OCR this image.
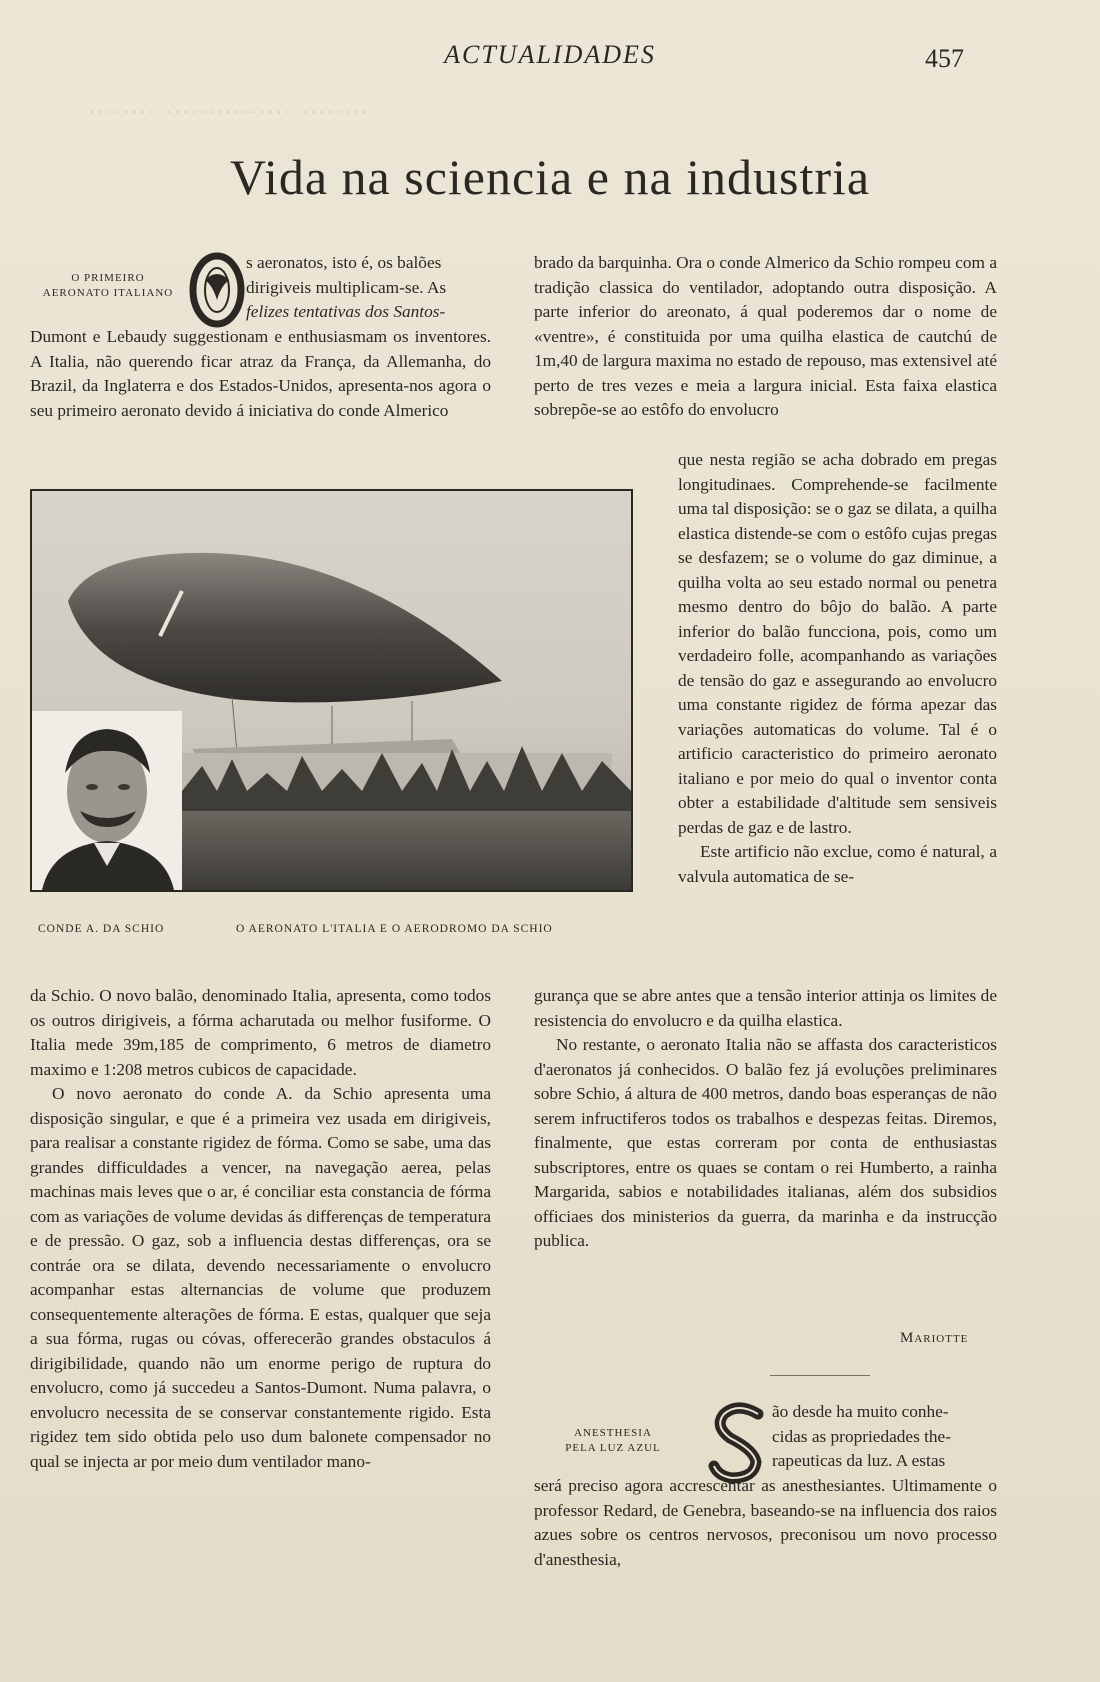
. . . . . . . . . . . . . . . . . . . . . . . . . . . . . . . . .
ACTUALIDADES	457
Vida na sciencia e na industria
O PRIMEIRO
AERONATO ITALIANO

s aeronatos, isto é, os balões

dirigiveis multiplicam-se. As

felizes tentativas dos Santos-

Dumont e Lebaudy suggestionam e enthusiasmam os inventores. A Italia, não querendo ficar atraz da França, da Allemanha, do Brazil, da Inglaterra e dos Estados-Unidos, apresenta-nos agora o seu primeiro aeronato devido á iniciativa do conde Almerico
CONDE A. DA SCHIO	O AERONATO L'ITALIA E O AERODROMO DA SCHIO

da Schio. O novo balão, denominado Italia, apresenta, como todos os outros dirigiveis, a fórma acharutada ou melhor fusiforme. O Italia mede 39m,185 de comprimento, 6 metros de diametro maximo e 1:208 metros cubicos de capacidade.

O novo aeronato do conde A. da Schio apresenta uma disposição singular, e que é a primeira vez usada em dirigiveis, para realisar a constante rigidez de fórma. Como se sabe, uma das grandes difficuldades a vencer, na navegação aerea, pelas machinas mais leves que o ar, é conciliar esta constancia de fórma com as variações de volume devidas ás differenças de temperatura e de pressão. O gaz, sob a influencia destas differenças, ora se contráe ora se dilata, devendo necessariamente o envolucro acompanhar estas alternancias de volume que produzem consequentemente alterações de fórma. E estas, qualquer que seja a sua fórma, rugas ou cóvas, offerecerão grandes obstaculos á dirigibilidade, quando não um enorme perigo de ruptura do envolucro, como já succedeu a Santos-Dumont. Numa palavra, o envolucro necessita de se conservar constantemente rigido. Esta rigidez tem sido obtida pelo uso dum balonete compensador no qual se injecta ar por meio dum ventilador mano-

brado da barquinha. Ora o conde Almerico da Schio rompeu com a tradição classica do ventilador, adoptando outra disposição. A parte inferior do areonato, á qual poderemos dar o nome de «ventre», é constituida por uma quilha elastica de cautchú de 1m,40 de largura maxima no estado de repouso, mas extensivel até perto de tres vezes e meia a largura inicial. Esta faixa elastica sobrepõe-se ao estôfo do envolucro

que nesta região se acha dobrado em pregas longitudinaes. Comprehende-se facilmente uma tal disposição: se o gaz se dilata, a quilha elastica distende-se com o estôfo cujas pregas se desfazem; se o volume do gaz diminue, a quilha volta ao seu estado normal ou penetra mesmo dentro do bôjo do balão. A parte inferior do balão funcciona, pois, como um verdadeiro folle, acompanhando as variações de tensão do gaz e assegurando ao envolucro uma constante rigidez de fórma apezar das variações automaticas do volume. Tal é o artificio caracteristico do primeiro aeronato italiano e por meio do qual o inventor conta obter a estabilidade d'altitude sem sensiveis perdas de gaz e de lastro.

Este artificio não exclue, como é natural, a valvula automatica de se-

gurança que se abre antes que a tensão interior attinja os limites de resistencia do envolucro e da quilha elastica.

No restante, o aeronato Italia não se affasta dos caracteristicos d'aeronatos já conhecidos. O balão fez já evoluções preliminares sobre Schio, á altura de 400 metros, dando boas esperanças de não serem infructiferos todos os trabalhos e despezas feitas. Diremos, finalmente, que estas correram por conta de enthusiastas subscriptores, entre os quaes se contam o rei Humberto, a rainha Margarida, sabios e notabilidades italianas, além dos subsidios officiaes dos ministerios da guerra, da marinha e da instrucção publica.

Mariotte
ANESTHESIA
PELA LUZ AZUL

ão desde ha muito conhe-

cidas as propriedades the-

rapeuticas da luz. A estas

será preciso agora accrescentar as anesthesiantes. Ultimamente o professor Redard, de Genebra, baseando-se na influencia dos raios azues sobre os centros nervosos, preconisou um novo processo d'anesthesia,
